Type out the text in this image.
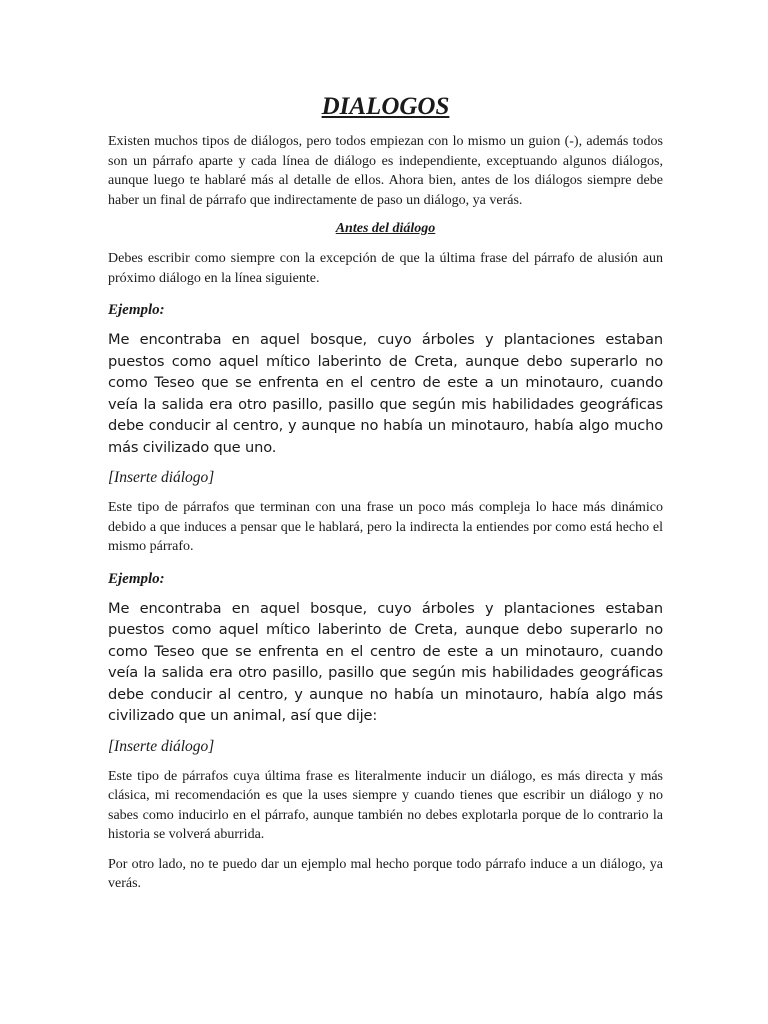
DIALOGOS

Existen muchos tipos de diálogos, pero todos empiezan con lo mismo un guion (-), además todos son un párrafo aparte y cada línea de diálogo es independiente, exceptuando algunos diálogos, aunque luego te hablaré más al detalle de ellos. Ahora bien, antes de los diálogos siempre debe haber un final de párrafo que indirectamente de paso un diálogo, ya verás.

Antes del diálogo

Debes escribir como siempre con la excepción de que la última frase del párrafo de alusión aun próximo diálogo en la línea siguiente.

Ejemplo:

Me encontraba en aquel bosque, cuyo árboles y plantaciones estaban puestos como aquel mítico laberinto de Creta, aunque debo superarlo no como Teseo que se enfrenta en el centro de este a un minotauro, cuando veía la salida era otro pasillo, pasillo que según mis habilidades geográficas debe conducir al centro, y aunque no había un minotauro, había algo mucho más civilizado que uno.

[Inserte diálogo]

Este tipo de párrafos que terminan con una frase un poco más compleja lo hace más dinámico debido a que induces a pensar que le hablará, pero la indirecta la entiendes por como está hecho el mismo párrafo.

Ejemplo:

Me encontraba en aquel bosque, cuyo árboles y plantaciones estaban puestos como aquel mítico laberinto de Creta, aunque debo superarlo no como Teseo que se enfrenta en el centro de este a un minotauro, cuando veía la salida era otro pasillo, pasillo que según mis habilidades geográficas debe conducir al centro, y aunque no había un minotauro, había algo más civilizado que un animal, así que dije:

[Inserte diálogo]

Este tipo de párrafos cuya última frase es literalmente inducir un diálogo, es más directa y más clásica, mi recomendación es que la uses siempre y cuando tienes que escribir un diálogo y no sabes como inducirlo en el párrafo, aunque también no debes explotarla porque de lo contrario la historia se volverá aburrida.

Por otro lado, no te puedo dar un ejemplo mal hecho porque todo párrafo induce a un diálogo, ya verás.
